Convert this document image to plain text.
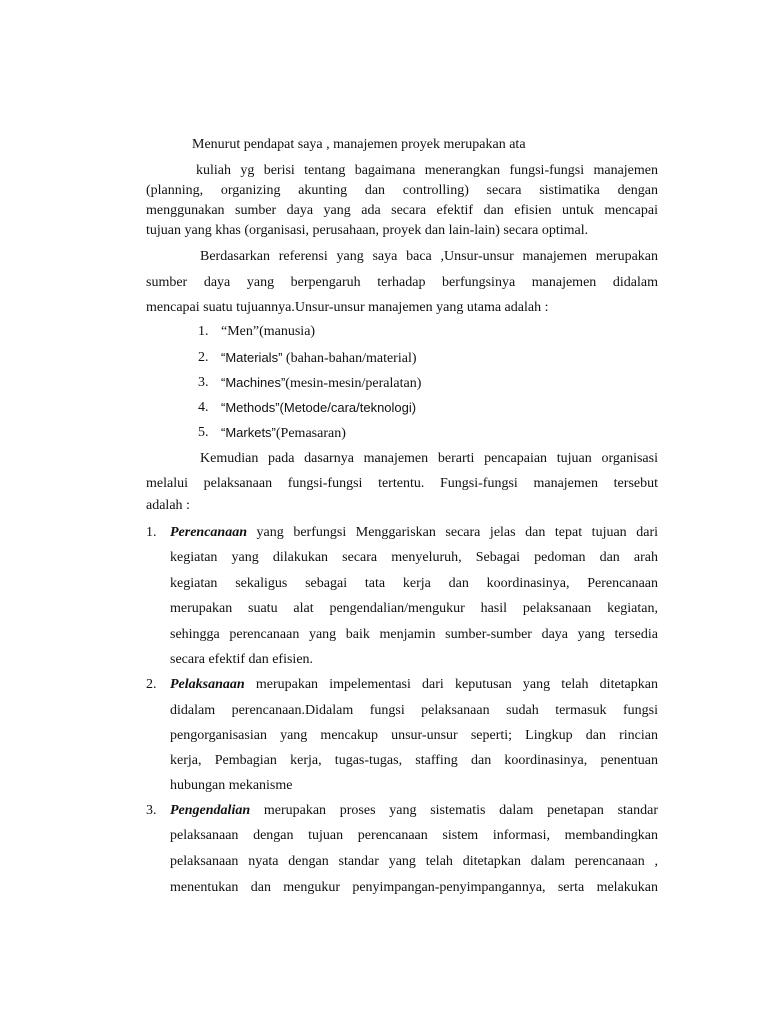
Menurut pendapat saya , manajemen proyek merupakan ata
kuliah yg berisi tentang bagaimana menerangkan fungsi-fungsi manajemen
(planning, organizing akunting dan controlling) secara sistimatika dengan
menggunakan sumber daya yang ada secara efektif dan efisien untuk mencapai
tujuan yang khas (organisasi, perusahaan, proyek dan lain-lain) secara optimal.
Berdasarkan referensi yang saya baca ,Unsur-unsur manajemen merupakan
sumber daya yang berpengaruh terhadap berfungsinya manajemen didalam
mencapai suatu tujuannya.Unsur-unsur manajemen yang utama adalah :
1. “Men”(manusia)
2. “Materials” (bahan-bahan/material)
3. “Machines”(mesin-mesin/peralatan)
4. “Methods”(Metode/cara/teknologi)
5. “Markets”(Pemasaran)
Kemudian pada dasarnya manajemen berarti pencapaian tujuan organisasi
melalui pelaksanaan fungsi-fungsi tertentu. Fungsi-fungsi manajemen tersebut
adalah :
1. Perencanaan yang berfungsi Menggariskan secara jelas dan tepat tujuan dari
kegiatan yang dilakukan secara menyeluruh, Sebagai pedoman dan arah
kegiatan sekaligus sebagai tata kerja dan koordinasinya, Perencanaan
merupakan suatu alat pengendalian/mengukur hasil pelaksanaan kegiatan,
sehingga perencanaan yang baik menjamin sumber-sumber daya yang tersedia
secara efektif dan efisien.
2. Pelaksanaan merupakan impelementasi dari keputusan yang telah ditetapkan
didalam perencanaan.Didalam fungsi pelaksanaan sudah termasuk fungsi
pengorganisasian yang mencakup unsur-unsur seperti; Lingkup dan rincian
kerja, Pembagian kerja, tugas-tugas, staffing dan koordinasinya, penentuan
hubungan mekanisme
3. Pengendalian merupakan proses yang sistematis dalam penetapan standar
pelaksanaan dengan tujuan perencanaan sistem informasi, membandingkan
pelaksanaan nyata dengan standar yang telah ditetapkan dalam perencanaan ,
menentukan dan mengukur penyimpangan-penyimpangannya, serta melakukan
